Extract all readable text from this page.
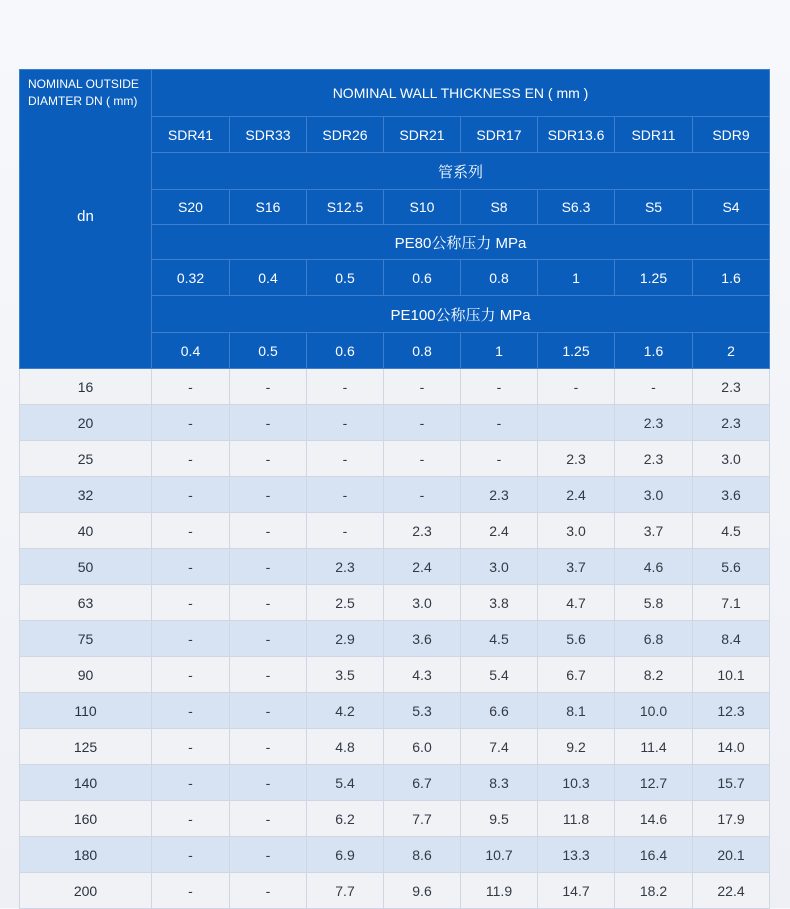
NOMINAL OUTSIDE DIAMTER DN ( mm)
dn	NOMINAL WALL THICKNESS EN ( mm )							
	SDR41	SDR33	SDR26	SDR21	SDR17	SDR13.6	SDR11	SDR9
	管系列							
	S20	S16	S12.5	S10	S8	S6.3	S5	S4
	PE80公称压力 MPa							
	0.32	0.4	0.5	0.6	0.8	1	1.25	1.6
	PE100公称压力 MPa							
	0.4	0.5	0.6	0.8	1	1.25	1.6	2
16	-	-	-	-	-	-	-	2.3
20	-	-	-	-	-		2.3	2.3
25	-	-	-	-	-	2.3	2.3	3.0
32	-	-	-	-	2.3	2.4	3.0	3.6
40	-	-	-	2.3	2.4	3.0	3.7	4.5
50	-	-	2.3	2.4	3.0	3.7	4.6	5.6
63	-	-	2.5	3.0	3.8	4.7	5.8	7.1
75	-	-	2.9	3.6	4.5	5.6	6.8	8.4
90	-	-	3.5	4.3	5.4	6.7	8.2	10.1
110	-	-	4.2	5.3	6.6	8.1	10.0	12.3
125	-	-	4.8	6.0	7.4	9.2	11.4	14.0
140	-	-	5.4	6.7	8.3	10.3	12.7	15.7
160	-	-	6.2	7.7	9.5	11.8	14.6	17.9
180	-	-	6.9	8.6	10.7	13.3	16.4	20.1
200	-	-	7.7	9.6	11.9	14.7	18.2	22.4
